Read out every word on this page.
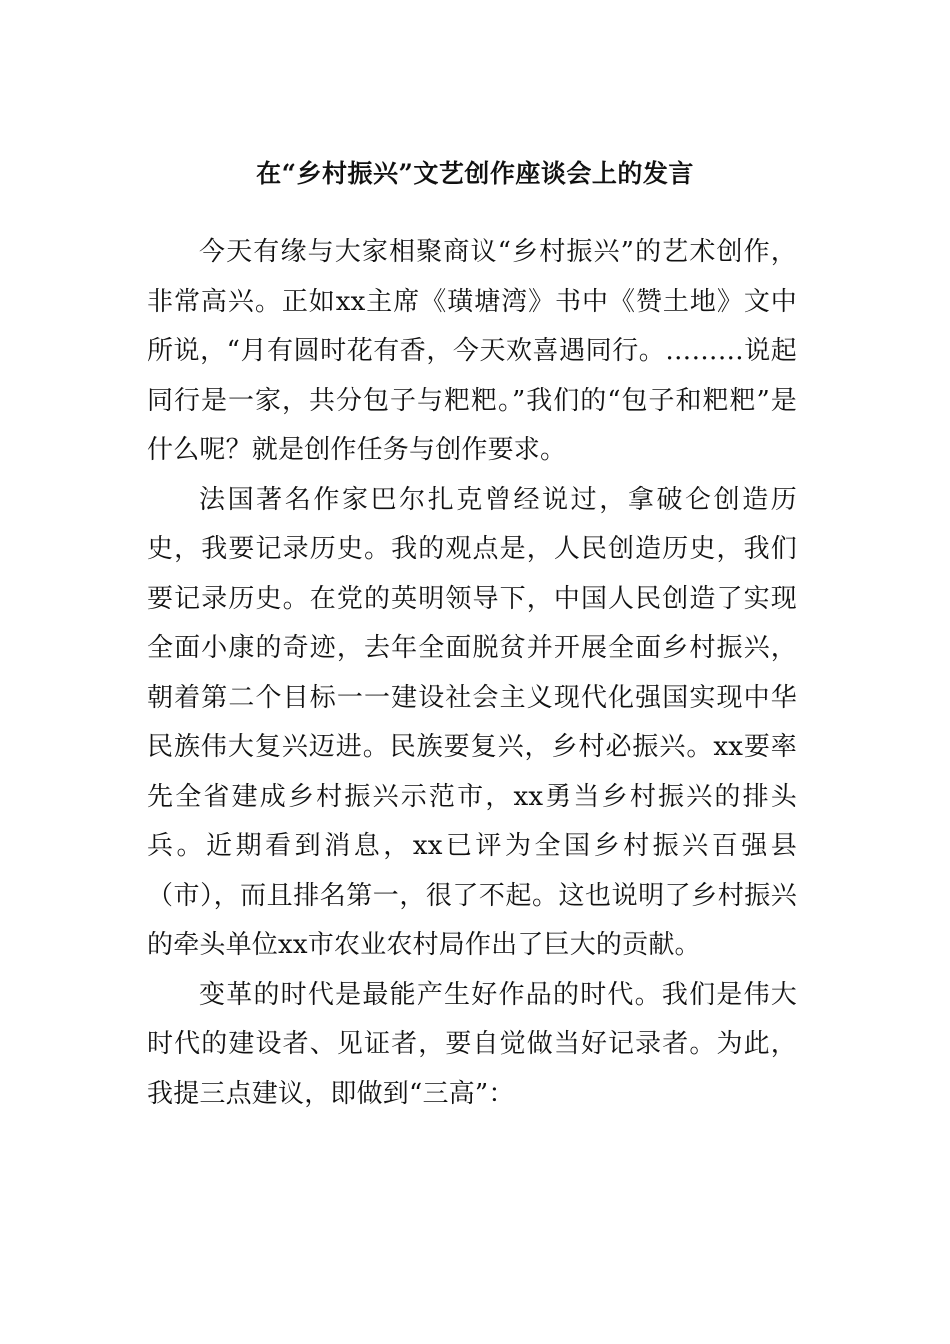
在“乡村振兴”文艺创作座谈会上的发言

今天有缘与大家相聚商议“乡村振兴”的艺术创作，非常高兴。正如xx主席《璜塘湾》书中《赞土地》文中所说，“月有圆时花有香，今天欢喜遇同行。………说起同行是一家，共分包子与粑粑。”我们的“包子和粑粑”是什么呢？就是创作任务与创作要求。

法国著名作家巴尔扎克曾经说过，拿破仑创造历史，我要记录历史。我的观点是，人民创造历史，我们要记录历史。在党的英明领导下，中国人民创造了实现全面小康的奇迹，去年全面脱贫并开展全面乡村振兴，朝着第二个目标一一建设社会主义现代化强国实现中华民族伟大复兴迈进。民族要复兴，乡村必振兴。xx要率先全省建成乡村振兴示范市，xx勇当乡村振兴的排头兵。近期看到消息，xx已评为全国乡村振兴百强县（市），而且排名第一，很了不起。这也说明了乡村振兴的牵头单位xx市农业农村局作出了巨大的贡献。

变革的时代是最能产生好作品的时代。我们是伟大时代的建设者、见证者，要自觉做当好记录者。为此，我提三点建议，即做到“三高”：
